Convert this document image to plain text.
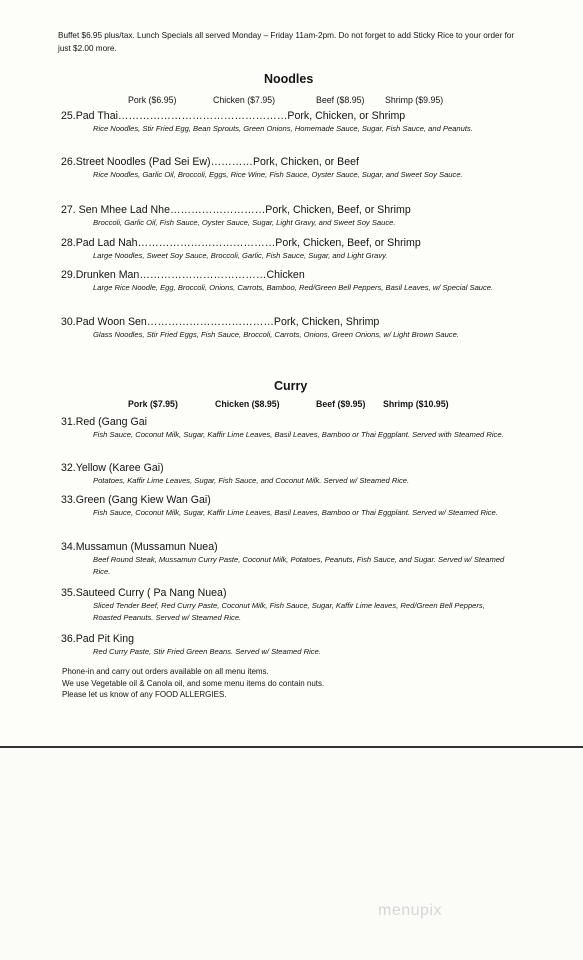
Buffet $6.95 plus/tax. Lunch Specials all served Monday – Friday 11am-2pm. Do not forget to add Sticky Rice to your order for just $2.00 more.
Noodles
Pork ($6.95)	Chicken ($7.95)	Beef ($8.95) Shrimp ($9.95)
25.Pad Thai…………………………………………Pork, Chicken, or Shrimp
Rice Noodles, Stir Fried Egg, Bean Sprouts, Green Onions, Homemade Sauce, Sugar, Fish Sauce, and Peanuts.
26.Street Noodles (Pad Sei Ew)…………Pork, Chicken, or Beef
Rice Noodles, Garlic Oil, Broccoli, Eggs, Rice Wine, Fish Sauce, Oyster Sauce, Sugar, and Sweet Soy Sauce.
27. Sen Mhee Lad Nhe………………………Pork, Chicken, Beef, or Shrimp
Broccoli, Garlic Oil, Fish Sauce, Oyster Sauce, Sugar, Light Gravy, and Sweet Soy Sauce.
28.Pad Lad Nah…………………………………Pork, Chicken, Beef, or Shrimp
Large Noodles, Sweet Soy Sauce, Broccoli, Garlic, Fish Sauce, Sugar, and Light Gravy.
29.Drunken Man………………………………Chicken
Large Rice Noodle, Egg, Broccoli, Onions, Carrots, Bamboo, Red/Green Bell Peppers, Basil Leaves, w/ Special Sauce.
30.Pad Woon Sen………………………………Pork, Chicken, Shrimp
Glass Noodles, Stir Fried Eggs, Fish Sauce, Broccoli, Carrots, Onions, Green Onions, w/ Light Brown Sauce.
Curry
Pork ($7.95)	Chicken ($8.95)	Beef ($9.95) Shrimp ($10.95)
31.Red (Gang Gai
Fish Sauce, Coconut Milk, Sugar, Kaffir Lime Leaves, Basil Leaves, Bamboo or Thai Eggplant. Served with Steamed Rice.
32.Yellow (Karee Gai)
Potatoes, Kaffir Lime Leaves, Sugar, Fish Sauce, and Coconut Milk. Served w/ Steamed Rice.
33.Green (Gang Kiew Wan Gai)
Fish Sauce, Coconut Milk, Sugar, Kaffir Lime Leaves, Basil Leaves, Bamboo or Thai Eggplant. Served w/ Steamed Rice.
34.Mussamun (Mussamun Nuea)
Beef Round Steak, Mussamun Curry Paste, Coconut Milk, Potatoes, Peanuts, Fish Sauce, and Sugar. Served w/ Steamed Rice.
35.Sauteed Curry ( Pa Nang Nuea)
Sliced Tender Beef, Red Curry Paste, Coconut Milk, Fish Sauce, Sugar, Kaffir Lime leaves, Red/Green Bell Peppers, Roasted Peanuts. Served w/ Steamed Rice.
36.Pad Pit King
Red Curry Paste, Stir Fried Green Beans. Served w/ Steamed Rice.
Phone-in and carry out orders available on all menu items.
We use Vegetable oil & Canola oil, and some menu items do contain nuts.
Please let us know of any FOOD ALLERGIES.
menupix
